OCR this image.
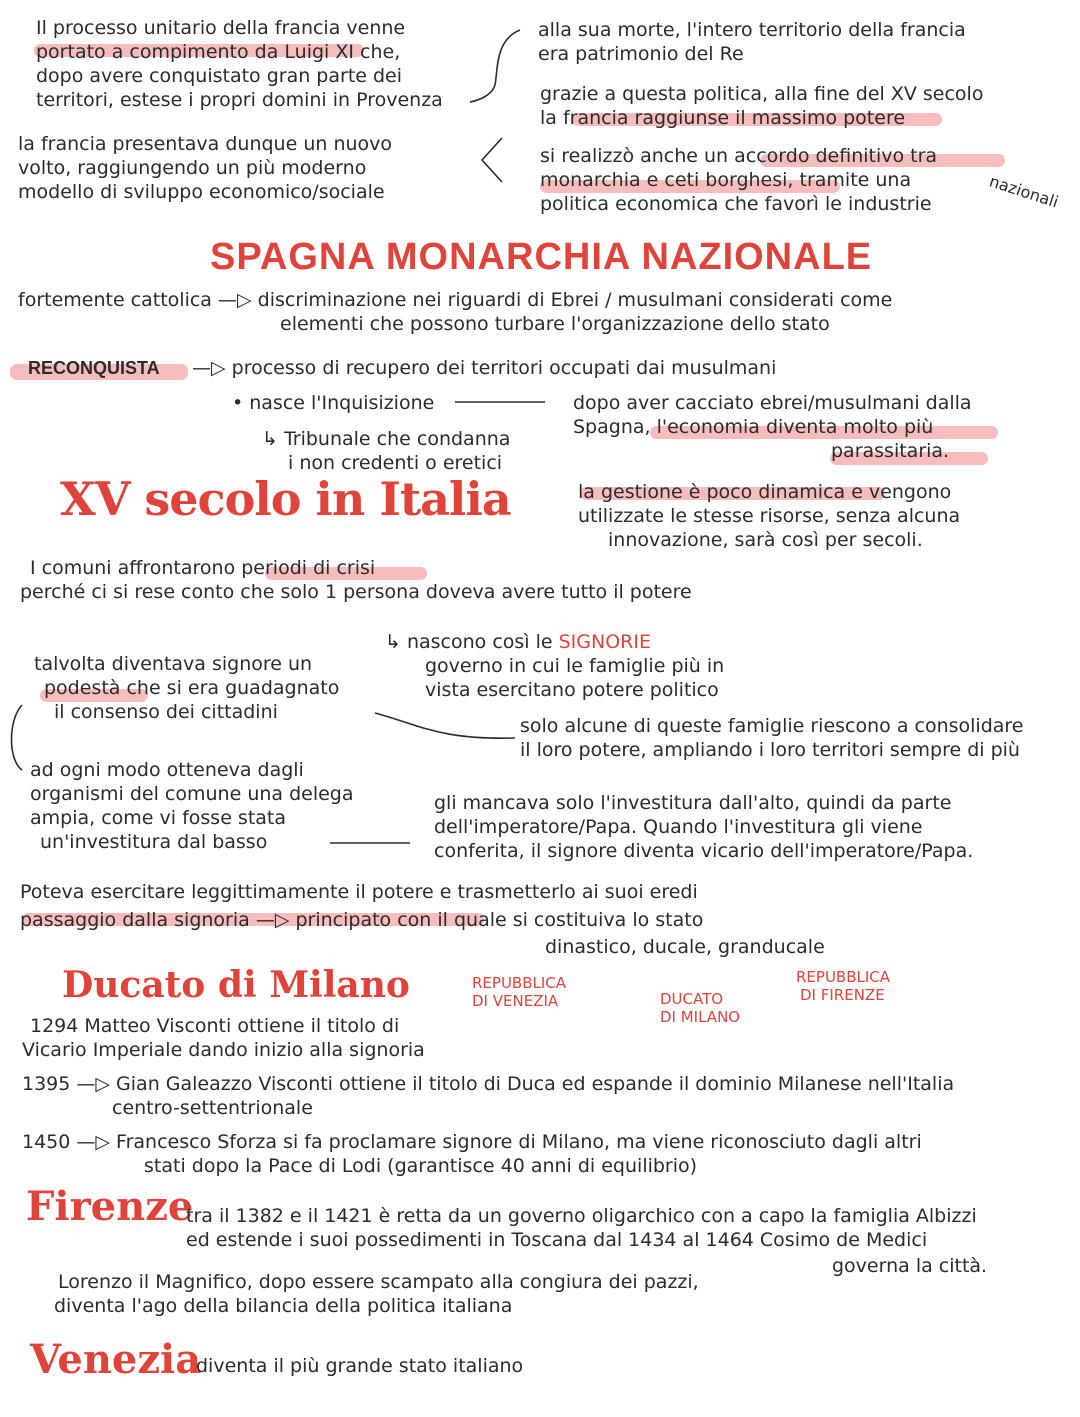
Il processo unitario della francia venne
portato a compimento da Luigi XI che,
dopo avere conquistato gran parte dei
territori, estese i propri domini in Provenza
alla sua morte, l'intero territorio della francia
era patrimonio del Re
grazie a questa politica, alla fine del XV secolo
la francia raggiunse il massimo potere
la francia presentava dunque un nuovo
volto, raggiungendo un più moderno
modello di sviluppo economico/sociale
si realizzò anche un accordo definitivo tra
monarchia e ceti borghesi, tramite una
politica economica che favorì le industrie	nazionali
SPAGNA MONARCHIA NAZIONALE
fortemente cattolica —▷ discriminazione nei riguardi di Ebrei / musulmani considerati come
elementi che possono turbare l'organizzazione dello stato
RECONQUISTA —▷ processo di recupero dei territori occupati dai musulmani
• nasce l'Inquisizione
↳ Tribunale che condanna
i non credenti o eretici
dopo aver cacciato ebrei/musulmani dalla
Spagna, l'economia diventa molto più
parassitaria.
la gestione è poco dinamica e vengono
utilizzate le stesse risorse, senza alcuna
innovazione, sarà così per secoli.
XV secolo in Italia
I comuni affrontarono periodi di crisi
perché ci si rese conto che solo 1 persona doveva avere tutto il potere
↳ nascono così le SIGNORIE
governo in cui le famiglie più in
vista esercitano potere politico
talvolta diventava signore un
podestà che si era guadagnato
il consenso dei cittadini
solo alcune di queste famiglie riescono a consolidare
il loro potere, ampliando i loro territori sempre di più
ad ogni modo otteneva dagli
organismi del comune una delega
ampia, come vi fosse stata
un'investitura dal basso
gli mancava solo l'investitura dall'alto, quindi da parte
dell'imperatore/Papa. Quando l'investitura gli viene
conferita, il signore diventa vicario dell'imperatore/Papa.
Poteva esercitare leggittimamente il potere e trasmetterlo ai suoi eredi
passaggio dalla signoria —▷ principato con il quale si costituiva lo stato
dinastico, ducale, granducale
REPUBBLICA
DI VENEZIA	DUCATO
DI MILANO
REPUBBLICA
DI FIRENZE
Ducato di Milano
1294 Matteo Visconti ottiene il titolo di
Vicario Imperiale dando inizio alla signoria
1395 —▷ Gian Galeazzo Visconti ottiene il titolo di Duca ed espande il dominio Milanese nell'Italia
centro-settentrionale
1450 —▷ Francesco Sforza si fa proclamare signore di Milano, ma viene riconosciuto dagli altri
stati dopo la Pace di Lodi (garantisce 40 anni di equilibrio)
Firenze
tra il 1382 e il 1421 è retta da un governo oligarchico con a capo la famiglia Albizzi
ed estende i suoi possedimenti in Toscana dal 1434 al 1464 Cosimo de Medici
governa la città.
Lorenzo il Magnifico, dopo essere scampato alla congiura dei pazzi,
diventa l'ago della bilancia della politica italiana
Venezia
diventa il più grande stato italiano
